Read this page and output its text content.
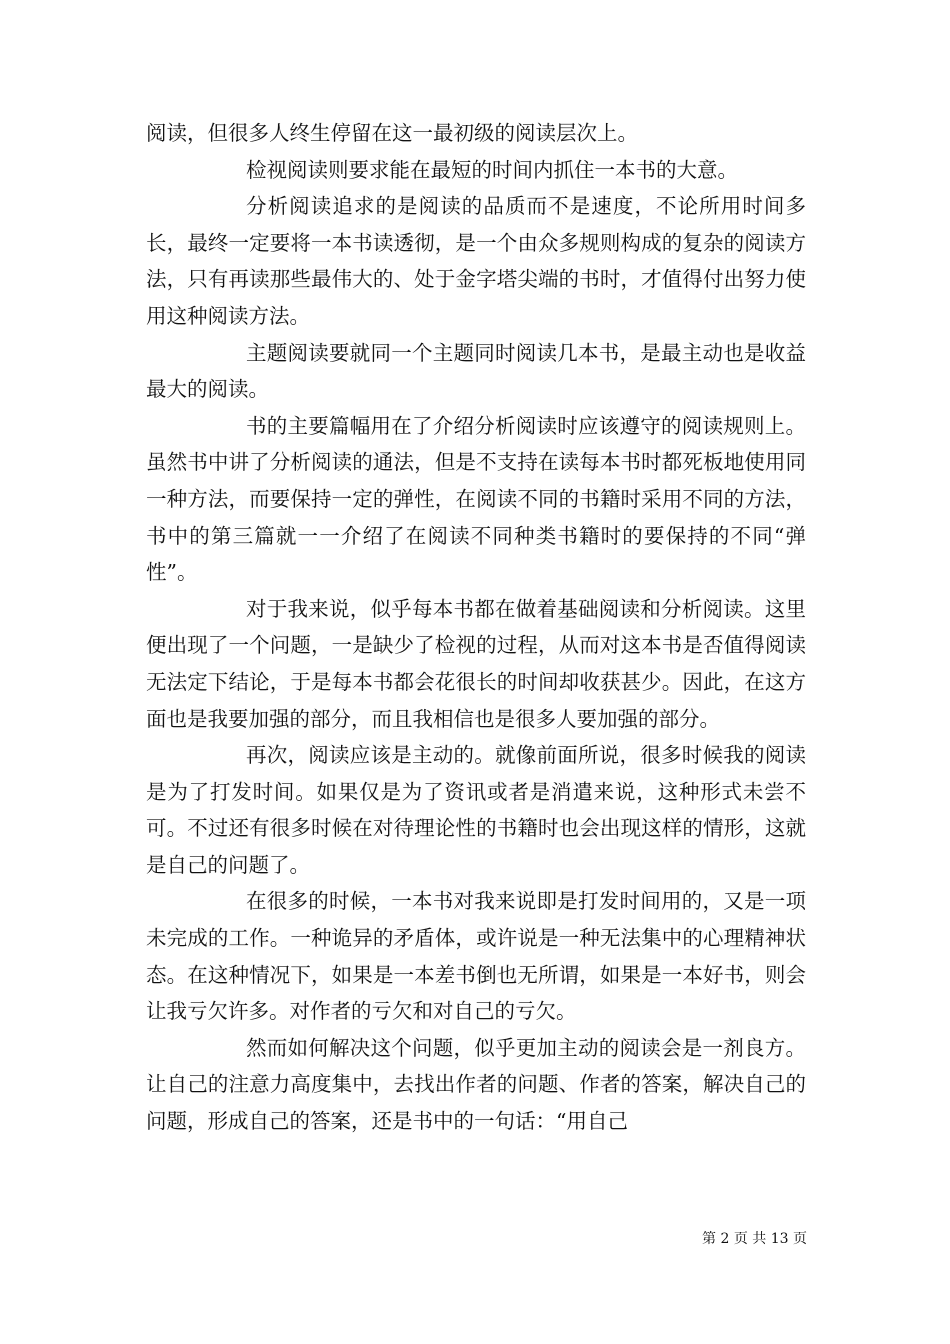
阅读，但很多人终生停留在这一最初级的阅读层次上。

检视阅读则要求能在最短的时间内抓住一本书的大意。

分析阅读追求的是阅读的品质而不是速度，不论所用时间多长，最终一定要将一本书读透彻，是一个由众多规则构成的复杂的阅读方法，只有再读那些最伟大的、处于金字塔尖端的书时，才值得付出努力使用这种阅读方法。

主题阅读要就同一个主题同时阅读几本书，是最主动也是收益最大的阅读。

书的主要篇幅用在了介绍分析阅读时应该遵守的阅读规则上。虽然书中讲了分析阅读的通法，但是不支持在读每本书时都死板地使用同一种方法，而要保持一定的弹性，在阅读不同的书籍时采用不同的方法，书中的第三篇就一一介绍了在阅读不同种类书籍时的要保持的不同“弹性”。

对于我来说，似乎每本书都在做着基础阅读和分析阅读。这里便出现了一个问题，一是缺少了检视的过程，从而对这本书是否值得阅读无法定下结论，于是每本书都会花很长的时间却收获甚少。因此，在这方面也是我要加强的部分，而且我相信也是很多人要加强的部分。

再次，阅读应该是主动的。就像前面所说，很多时候我的阅读是为了打发时间。如果仅是为了资讯或者是消遣来说，这种形式未尝不可。不过还有很多时候在对待理论性的书籍时也会出现这样的情形，这就是自己的问题了。

在很多的时候，一本书对我来说即是打发时间用的，又是一项未完成的工作。一种诡异的矛盾体，或许说是一种无法集中的心理精神状态。在这种情况下，如果是一本差书倒也无所谓，如果是一本好书，则会让我亏欠许多。对作者的亏欠和对自己的亏欠。

然而如何解决这个问题，似乎更加主动的阅读会是一剂良方。让自己的注意力高度集中，去找出作者的问题、作者的答案，解决自己的问题，形成自己的答案，还是书中的一句话：“用自己

第 2 页 共 13 页
